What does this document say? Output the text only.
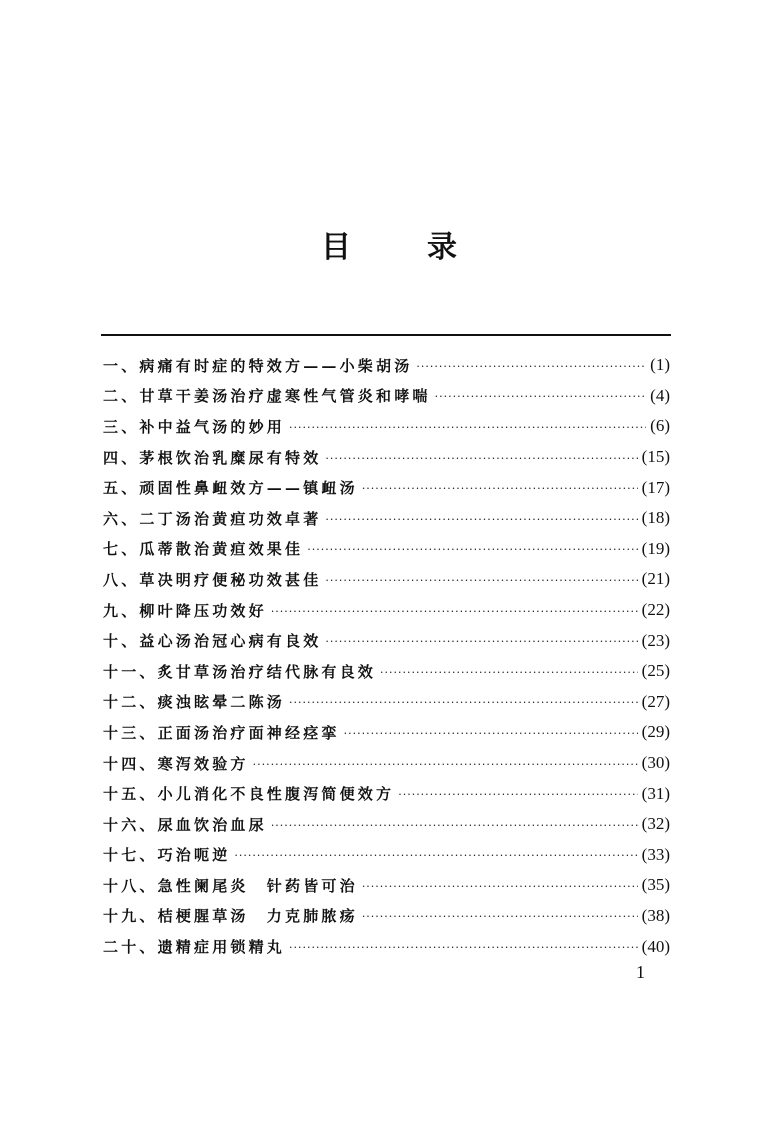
目	录
一、病痛有时症的特效方——小柴胡汤 ·····	(1)
二、甘草干姜汤治疗虚寒性气管炎和哮喘 ·····	(4)
三、补中益气汤的妙用 ·····	(6)
四、茅根饮治乳糜尿有特效 ·····	(15)
五、顽固性鼻衄效方——镇衄汤 ·····	(17)
六、二丁汤治黄疸功效卓著 ·····	(18)
七、瓜蒂散治黄疸效果佳 ·····	(19)
八、草决明疗便秘功效甚佳 ·····	(21)
九、柳叶降压功效好 ·····	(22)
十、益心汤治冠心病有良效 ·····	(23)
十一、炙甘草汤治疗结代脉有良效 ·····	(25)
十二、痰浊眩晕二陈汤 ·····	(27)
十三、正面汤治疗面神经痉挛 ·····	(29)
十四、寒泻效验方 ·····	(30)
十五、小儿消化不良性腹泻简便效方 ·····	(31)
十六、尿血饮治血尿 ·····	(32)
十七、巧治呃逆 ·····	(33)
十八、急性阑尾炎　针药皆可治 ·····	(35)
十九、桔梗腥草汤　力克肺脓疡 ·····	(38)
二十、遗精症用锁精丸 ·····	(40)
1
